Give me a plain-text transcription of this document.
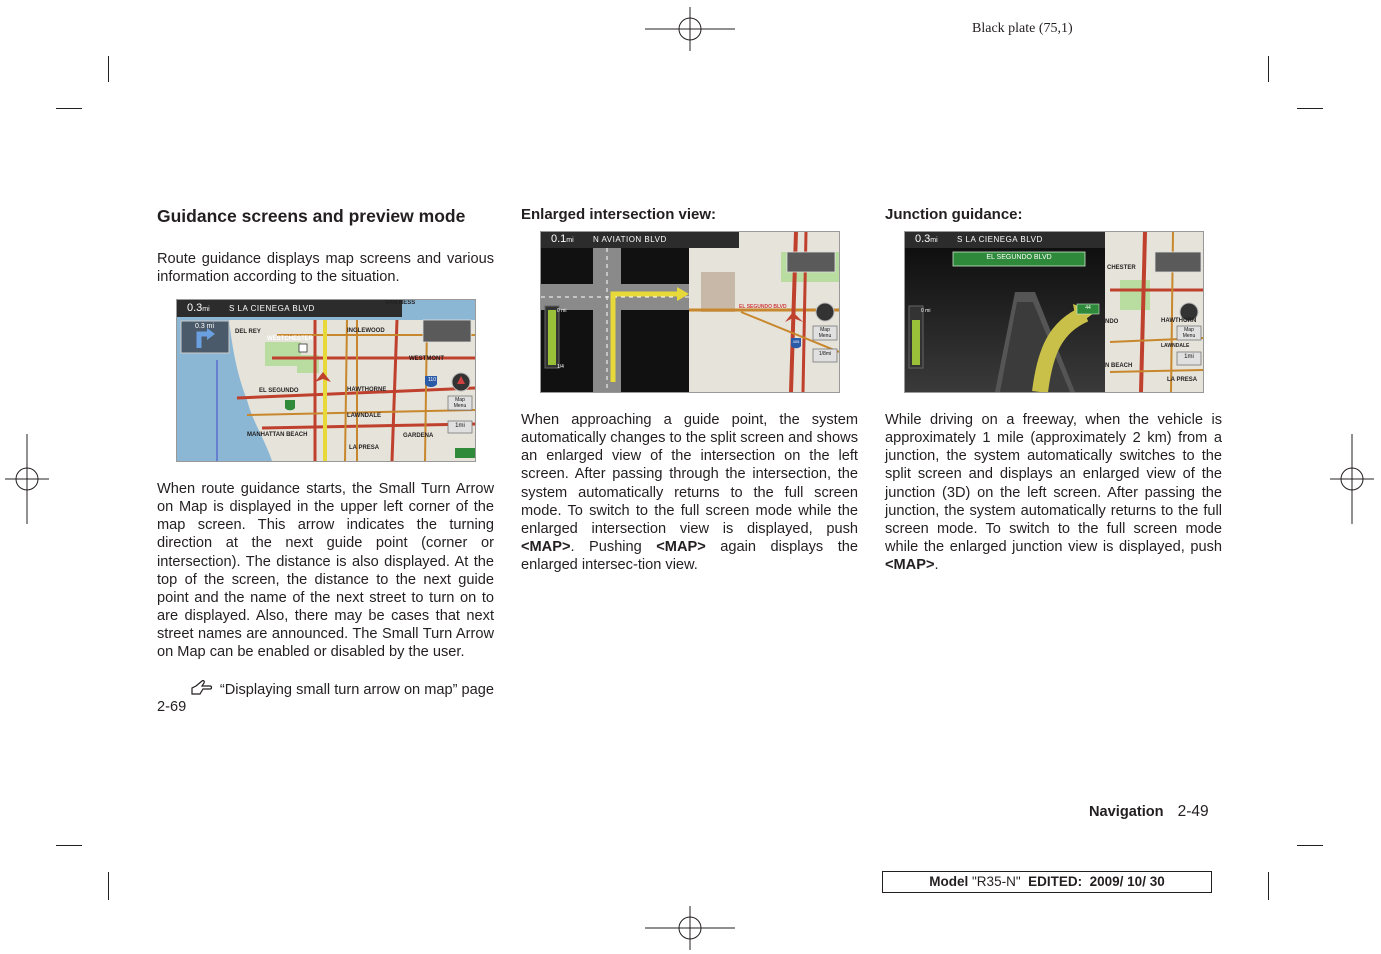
Black plate (75,1)
Guidance screens and preview mode

Route guidance displays map screens and various information according to the situation.

0.3mi S LA CIENEGA BLVD
0.3 mi
VAN NESS
DEL REY	INGLEWOOD
WESTCHESTER
WESTMONT
EL SEGUNDO	HAWTHORNE
LAWNDALE
MANHATTAN BEACH	GARDENA
LA PRESA
Map Menu
1mi
110

When route guidance starts, the Small Turn Arrow on Map is displayed in the upper left corner of the map screen. This arrow indicates the turning direction at the next guide point (corner or intersection). The distance is also displayed. At the top of the screen, the distance to the next guide point and the name of the next street to turn on to are displayed. Also, there may be cases that next street names are announced. The Small Turn Arrow on Map can be enabled or disabled by the user.

“Displaying small turn arrow on map” page
2-69
Enlarged intersection view:
0.1mi N AVIATION BLVD
0 mi
1/4
EL SEGUNDO BLVD
405
Map Menu
1/8mi

When approaching a guide point, the system automatically changes to the split screen and shows an enlarged view of the intersection on the left screen. After passing through the intersection, the system automatically returns to the full screen mode. To switch to the full screen mode while the enlarged intersection view is displayed, push <MAP>. Pushing <MAP> again displays the enlarged intersec-tion view.

Junction guidance:
0.3mi S LA CIENEGA BLVD
EL SEGUNDO BLVD
44
0 mi
CHESTER
HAWTHORN
NDO
N BEACH
LAWNDALE
LA PRESA
Map Menu
1mi

While driving on a freeway, when the vehicle is approximately 1 mile (approximately 2 km) from a junction, the system automatically switches to the split screen and displays an enlarged view of the junction (3D) on the left screen. After passing the junction, the system automatically returns to the full screen mode. To switch to the full screen mode while the enlarged junction view is displayed, push <MAP>.

Navigation 2-49
Model "R35-N"  EDITED:  2009/ 10/ 30
